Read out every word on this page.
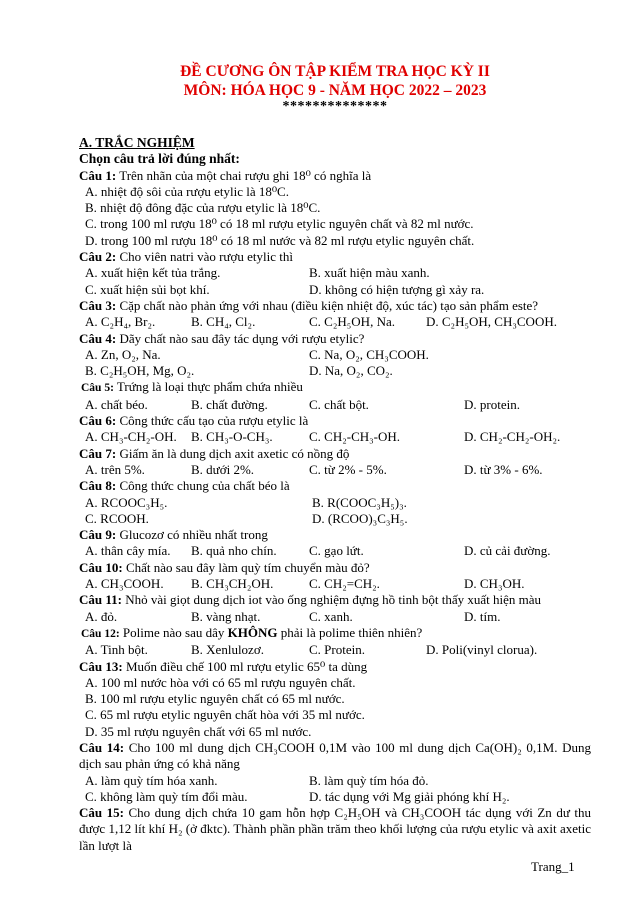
ĐỀ CƯƠNG ÔN TẬP KIỂM TRA HỌC KỲ II
MÔN: HÓA HỌC 9 - NĂM HỌC 2022 – 2023
**************
A. TRẮC NGHIỆM
Chọn câu trả lời đúng nhất:
Câu 1: Trên nhãn của một chai rượu ghi 18⁰ có nghĩa là
A. nhiệt độ sôi của rượu etylic là 18⁰C.
B. nhiệt độ đông đặc của rượu etylic là 18⁰C.
C. trong 100 ml rượu 18⁰ có 18 ml rượu etylic nguyên chất và 82 ml nước.
D. trong 100 ml rượu 18⁰ có 18 ml nước và 82 ml rượu etylic nguyên chất.
Câu 2: Cho viên natri vào rượu etylic thì
A. xuất hiện kết tủa trắng.	B. xuất hiện màu xanh.
C. xuất hiện sủi bọt khí.	D. không có hiện tượng gì xảy ra.
Câu 3: Cặp chất nào phản ứng với nhau (điều kiện nhiệt độ, xúc tác) tạo sản phẩm este?
A. C₂H₄, Br₂.	B. CH₄, Cl₂.	C. C₂H₅OH, Na. D. C₂H₅OH, CH₃COOH.
Câu 4: Dãy chất nào sau đây tác dụng với rượu etylic?
A. Zn, O₂, Na.	C. Na, O₂, CH₃COOH.
B. C₂H₅OH, Mg, O₂.	D. Na, O₂, CO₂.
Câu 5: Trứng là loại thực phẩm chứa nhiều
A. chất béo.	B. chất đường.	C. chất bột.	D. protein.
Câu 6: Công thức cấu tạo của rượu etylic là
A. CH₃-CH₂-OH. B. CH₃-O-CH₃.	C. CH₂-CH₃-OH.	D. CH₂-CH₂-OH₂.
Câu 7: Giấm ăn là dung dịch axit axetic có nồng độ
A. trên 5%.	B. dưới 2%.	C. từ 2% - 5%.	D. từ 3% - 6%.
Câu 8: Công thức chung của chất béo là
A. RCOOC₃H₅.	B. R(COOC₃H₅)₃.
C. RCOOH.	D. (RCOO)₃C₃H₅.
Câu 9: Glucozơ có nhiều nhất trong
A. thân cây mía. B. quả nho chín. C. gạo lứt.	D. củ cải đường.
Câu 10: Chất nào sau đây làm quỳ tím chuyển màu đỏ?
A. CH₃COOH. B. CH₃CH₂OH.	C. CH₂=CH₂.	D. CH₃OH.
Câu 11: Nhỏ vài giọt dung dịch iot vào ống nghiệm đựng hồ tinh bột thấy xuất hiện màu
A. đỏ.	B. vàng nhạt.	C. xanh.	D. tím.
Câu 12: Polime nào sau dây KHÔNG phải là polime thiên nhiên?
A. Tinh bột.	B. Xenlulozơ.	C. Protein.	D. Poli(vinyl clorua).
Câu 13: Muốn điều chế 100 ml rượu etylic 65⁰ ta dùng
A. 100 ml nước hòa với có 65 ml rượu nguyên chất.
B. 100 ml rượu etylic nguyên chất có 65 ml nước.
C. 65 ml rượu etylic nguyên chất hòa với 35 ml nước.
D. 35 ml rượu nguyên chất với 65 ml nước.
Câu 14: Cho 100 ml dung dịch CH₃COOH 0,1M vào 100 ml dung dịch Ca(OH)₂ 0,1M. Dung dịch sau phản ứng có khả năng
A. làm quỳ tím hóa xanh.	B. làm quỳ tím hóa đỏ.
C. không làm quỳ tím đổi màu.	D. tác dụng với Mg giải phóng khí H₂.
Câu 15: Cho dung dịch chứa 10 gam hỗn hợp C₂H₅OH và CH₃COOH tác dụng với Zn dư thu được 1,12 lít khí H₂ (ở đktc). Thành phần phần trăm theo khối lượng của rượu etylic và axit axetic lần lượt là
Trang_1
